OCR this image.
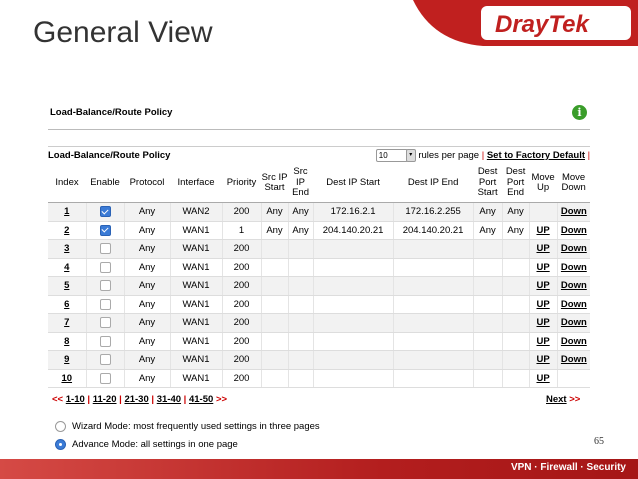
General View	DrayTek
Load-Balance/Route Policy	i
Load-Balance/Route Policy							10 ▾ rules per page | Set to Factory Default |					
Index	Enable	Protocol	Interface	Priority	Src IP Start	Src IP End	Dest IP Start	Dest IP End	Dest Port Start	Dest Port End	Move Up	Move Down
1		Any	WAN2	200	Any	Any	172.16.2.1	172.16.2.255	Any	Any		Down
2		Any	WAN1	1	Any	Any	204.140.20.21	204.140.20.21	Any	Any	UP	Down
3		Any	WAN1	200							UP	Down
4		Any	WAN1	200							UP	Down
5		Any	WAN1	200							UP	Down
6		Any	WAN1	200							UP	Down
7		Any	WAN1	200							UP	Down
8		Any	WAN1	200							UP	Down
9		Any	WAN1	200							UP	Down
10		Any	WAN1	200							UP	
<< 1-10 | 11-20 | 21-30 | 31-40 | 41-50 >>	Next >>
Wizard Mode: most frequently used settings in three pages
Advance Mode: all settings in one page	65
VPN · Firewall · Security
